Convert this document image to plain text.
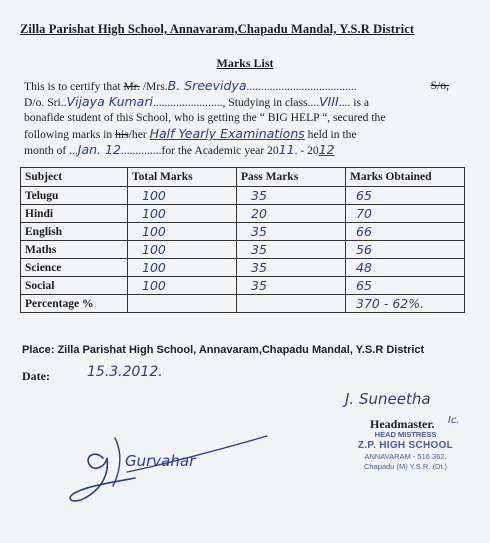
Zilla Parishat High School, Annavaram,Chapadu Mandal, Y.S.R District
Marks List
This is to certify that Mr. /Mrs.B. Sreevidya......................................	S/o,
D/o. Sri..Vijaya Kumari........................, Studying in class....VIII.... is a
bonafide student of this School, who is getting the “ BIG HELP “, secured the
following marks in his/her Half Yearly Examinations held in the
month of ...Jan. 12..............for the Academic year 2011. - 2012
Subject	Total Marks	Pass Marks	Marks Obtained
Telugu	100	35	65
Hindi	100	20	70
English	100	35	66
Maths	100	35	56
Science	100	35	48
Social	100	35	65
Percentage %			370 - 62%.
Place: Zilla Parishat High School, Annavaram,Chapadu Mandal, Y.S.R District
Date:	15.3.2012.
J. Suneetha
Ic.
Headmaster.
HEAD MISTRESS
Z.P. HIGH SCHOOL
ANNAVARAM - 516 362.
Chapadu (M) Y.S.R. (Dt.)
Gurvahar
